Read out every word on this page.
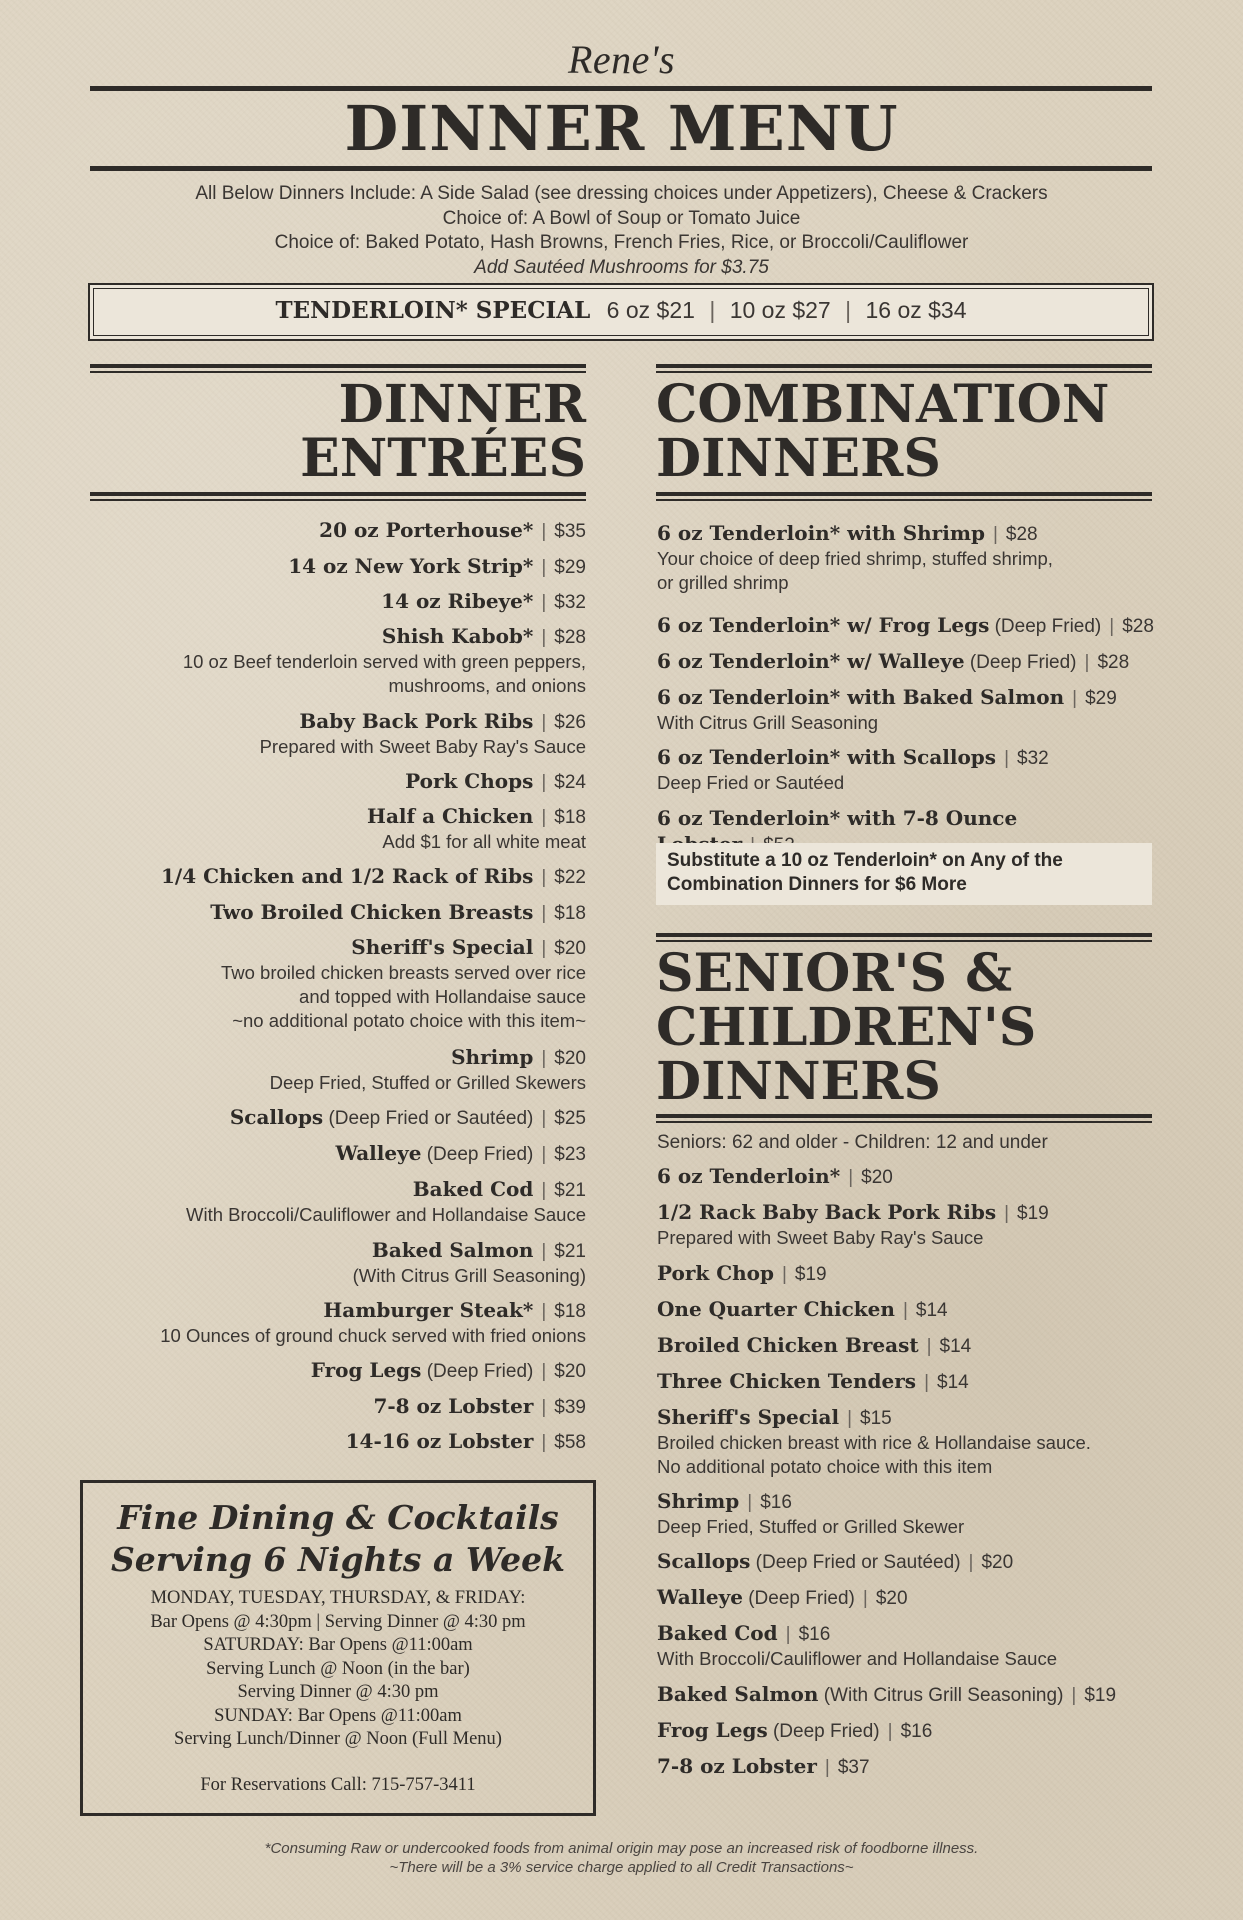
Rene's
DINNER MENU
All Below Dinners Include: A Side Salad (see dressing choices under Appetizers), Cheese & Crackers
Choice of: A Bowl of Soup or Tomato Juice
Choice of: Baked Potato, Hash Browns, French Fries, Rice, or Broccoli/Cauliflower
Add Sautéed Mushrooms for $3.75
TENDERLOIN* SPECIAL 6 oz $21 | 10 oz $27 | 16 oz $34
DINNER
ENTRÉES
20 oz Porterhouse* | $35
14 oz New York Strip* | $29
14 oz Ribeye* | $32
Shish Kabob* | $28
10 oz Beef tenderloin served with green peppers,
mushrooms, and onions
Baby Back Pork Ribs | $26
Prepared with Sweet Baby Ray's Sauce
Pork Chops | $24
Half a Chicken | $18
Add $1 for all white meat
1/4 Chicken and 1/2 Rack of Ribs | $22
Two Broiled Chicken Breasts | $18
Sheriff's Special | $20
Two broiled chicken breasts served over rice
and topped with Hollandaise sauce
~no additional potato choice with this item~
Shrimp | $20
Deep Fried, Stuffed or Grilled Skewers
Scallops (Deep Fried or Sautéed) | $25
Walleye (Deep Fried) | $23
Baked Cod | $21
With Broccoli/Cauliflower and Hollandaise Sauce
Baked Salmon | $21
(With Citrus Grill Seasoning)
Hamburger Steak* | $18
10 Ounces of ground chuck served with fried onions
Frog Legs (Deep Fried) | $20
7-8 oz Lobster | $39
14-16 oz Lobster | $58
COMBINATION
DINNERS
6 oz Tenderloin* with Shrimp | $28
Your choice of deep fried shrimp, stuffed shrimp,
or grilled shrimp
6 oz Tenderloin* w/ Frog Legs (Deep Fried) | $28
6 oz Tenderloin* w/ Walleye (Deep Fried) | $28
6 oz Tenderloin* with Baked Salmon | $29
With Citrus Grill Seasoning
6 oz Tenderloin* with Scallops | $32
Deep Fried or Sautéed
6 oz Tenderloin* with 7-8 Ounce
Substitute a 10 oz Tenderloin* on Any of the
Combination Dinners for $6 More
SENIOR'S &
CHILDREN'S
DINNERS
Seniors: 62 and older - Children: 12 and under
6 oz Tenderloin* | $20
1/2 Rack Baby Back Pork Ribs | $19
Prepared with Sweet Baby Ray's Sauce
Pork Chop | $19
One Quarter Chicken | $14
Broiled Chicken Breast | $14
Three Chicken Tenders | $14
Sheriff's Special | $15
Broiled chicken breast with rice & Hollandaise sauce.
No additional potato choice with this item
Shrimp | $16
Deep Fried, Stuffed or Grilled Skewer
Scallops (Deep Fried or Sautéed) | $20
Walleye (Deep Fried) | $20
Baked Cod | $16
With Broccoli/Cauliflower and Hollandaise Sauce
Baked Salmon (With Citrus Grill Seasoning) | $19
Frog Legs (Deep Fried) | $16
7-8 oz Lobster | $37
Fine Dining & Cocktails
Serving 6 Nights a Week
MONDAY, TUESDAY, THURSDAY, & FRIDAY:
Bar Opens @ 4:30pm | Serving Dinner @ 4:30 pm
SATURDAY: Bar Opens @11:00am
Serving Lunch @ Noon (in the bar)
Serving Dinner @ 4:30 pm
SUNDAY: Bar Opens @11:00am
Serving Lunch/Dinner @ Noon (Full Menu)
For Reservations Call: 715-757-3411
*Consuming Raw or undercooked foods from animal origin may pose an increased risk of foodborne illness.
~There will be a 3% service charge applied to all Credit Transactions~
